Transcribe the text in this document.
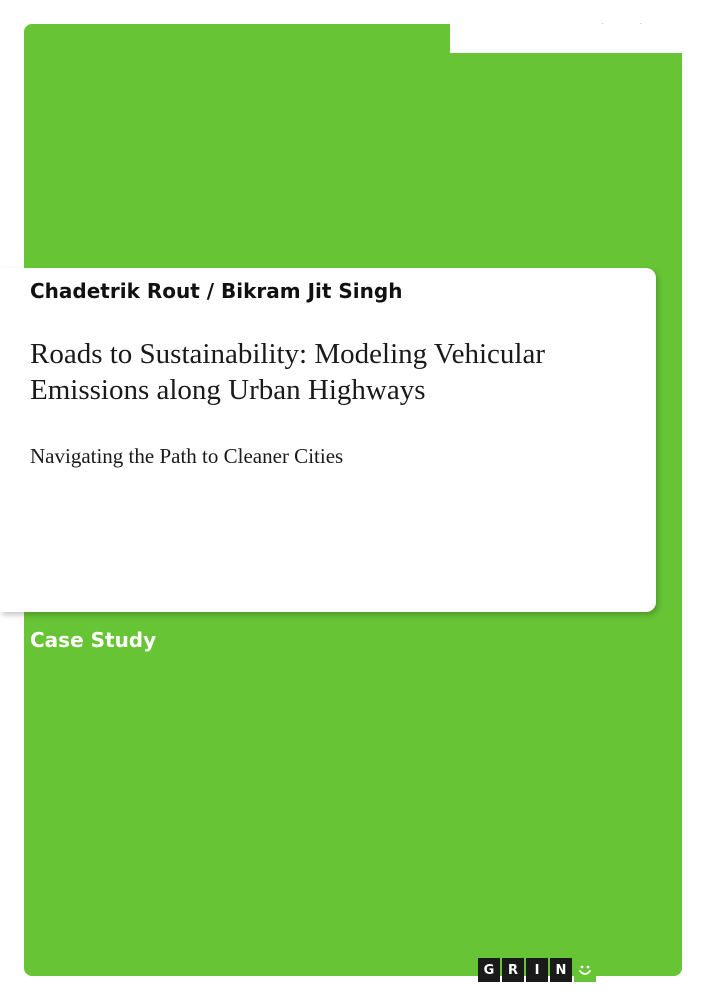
Chadetrik Rout / Bikram Jit Singh
Roads to Sustainability: Modeling Vehicular Emissions along Urban Highways
Navigating the Path to Cleaner Cities
Case Study
G	R	I	N
